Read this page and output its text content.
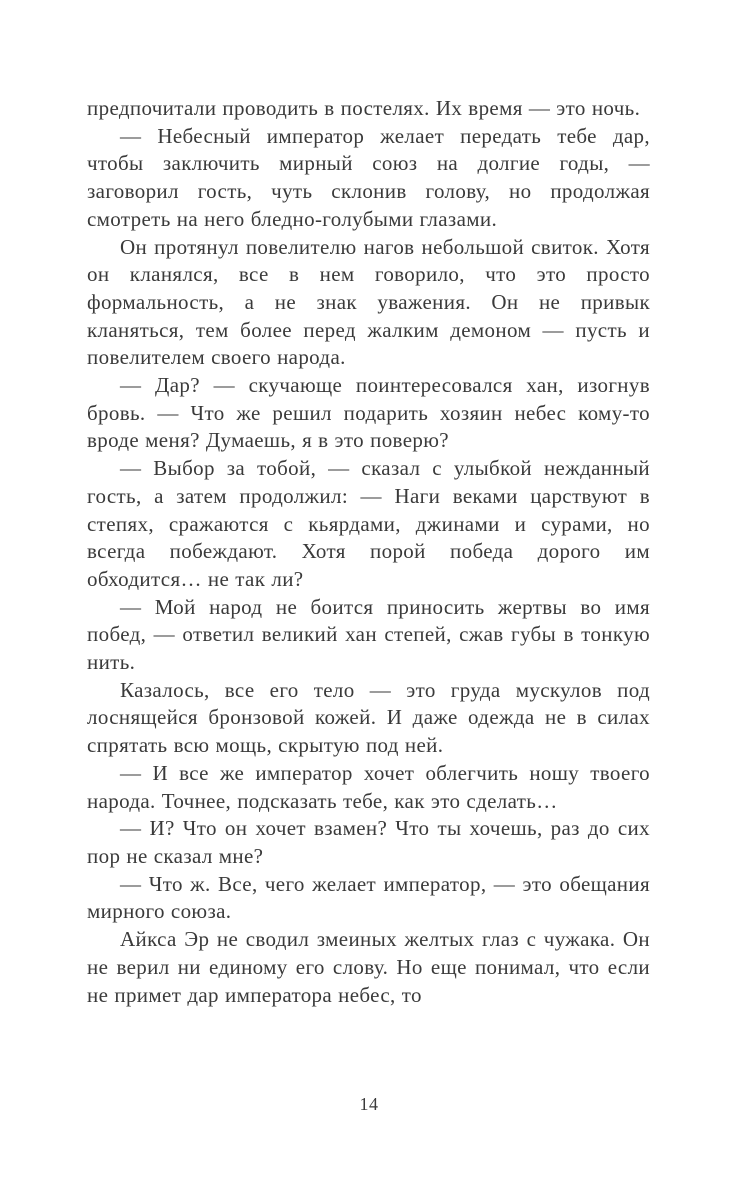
предпочитали проводить в постелях. Их время — это ночь.

— Небесный император желает передать тебе дар, чтобы заключить мирный союз на долгие годы, — заговорил гость, чуть склонив голову, но продолжая смотреть на него бледно-голубыми глазами.

Он протянул повелителю нагов небольшой свиток. Хотя он кланялся, все в нем говорило, что это просто формальность, а не знак уважения. Он не привык кланяться, тем более перед жалким демоном — пусть и повелителем своего народа.

— Дар? — скучающе поинтересовался хан, изогнув бровь. — Что же решил подарить хозяин небес кому-то вроде меня? Думаешь, я в это поверю?

— Выбор за тобой, — сказал с улыбкой нежданный гость, а затем продолжил: — Наги веками царствуют в степях, сражаются с кьярдами, джинами и сурами, но всегда побеждают. Хотя порой победа дорого им обходится… не так ли?

— Мой народ не боится приносить жертвы во имя побед, — ответил великий хан степей, сжав губы в тонкую нить.

Казалось, все его тело — это груда мускулов под лоснящейся бронзовой кожей. И даже одежда не в силах спрятать всю мощь, скрытую под ней.

— И все же император хочет облегчить ношу твоего народа. Точнее, подсказать тебе, как это сделать…

— И? Что он хочет взамен? Что ты хочешь, раз до сих пор не сказал мне?

— Что ж. Все, чего желает император, — это обещания мирного союза.

Айкса Эр не сводил змеиных желтых глаз с чужака. Он не верил ни единому его слову. Но еще понимал, что если не примет дар императора небес, то

14
